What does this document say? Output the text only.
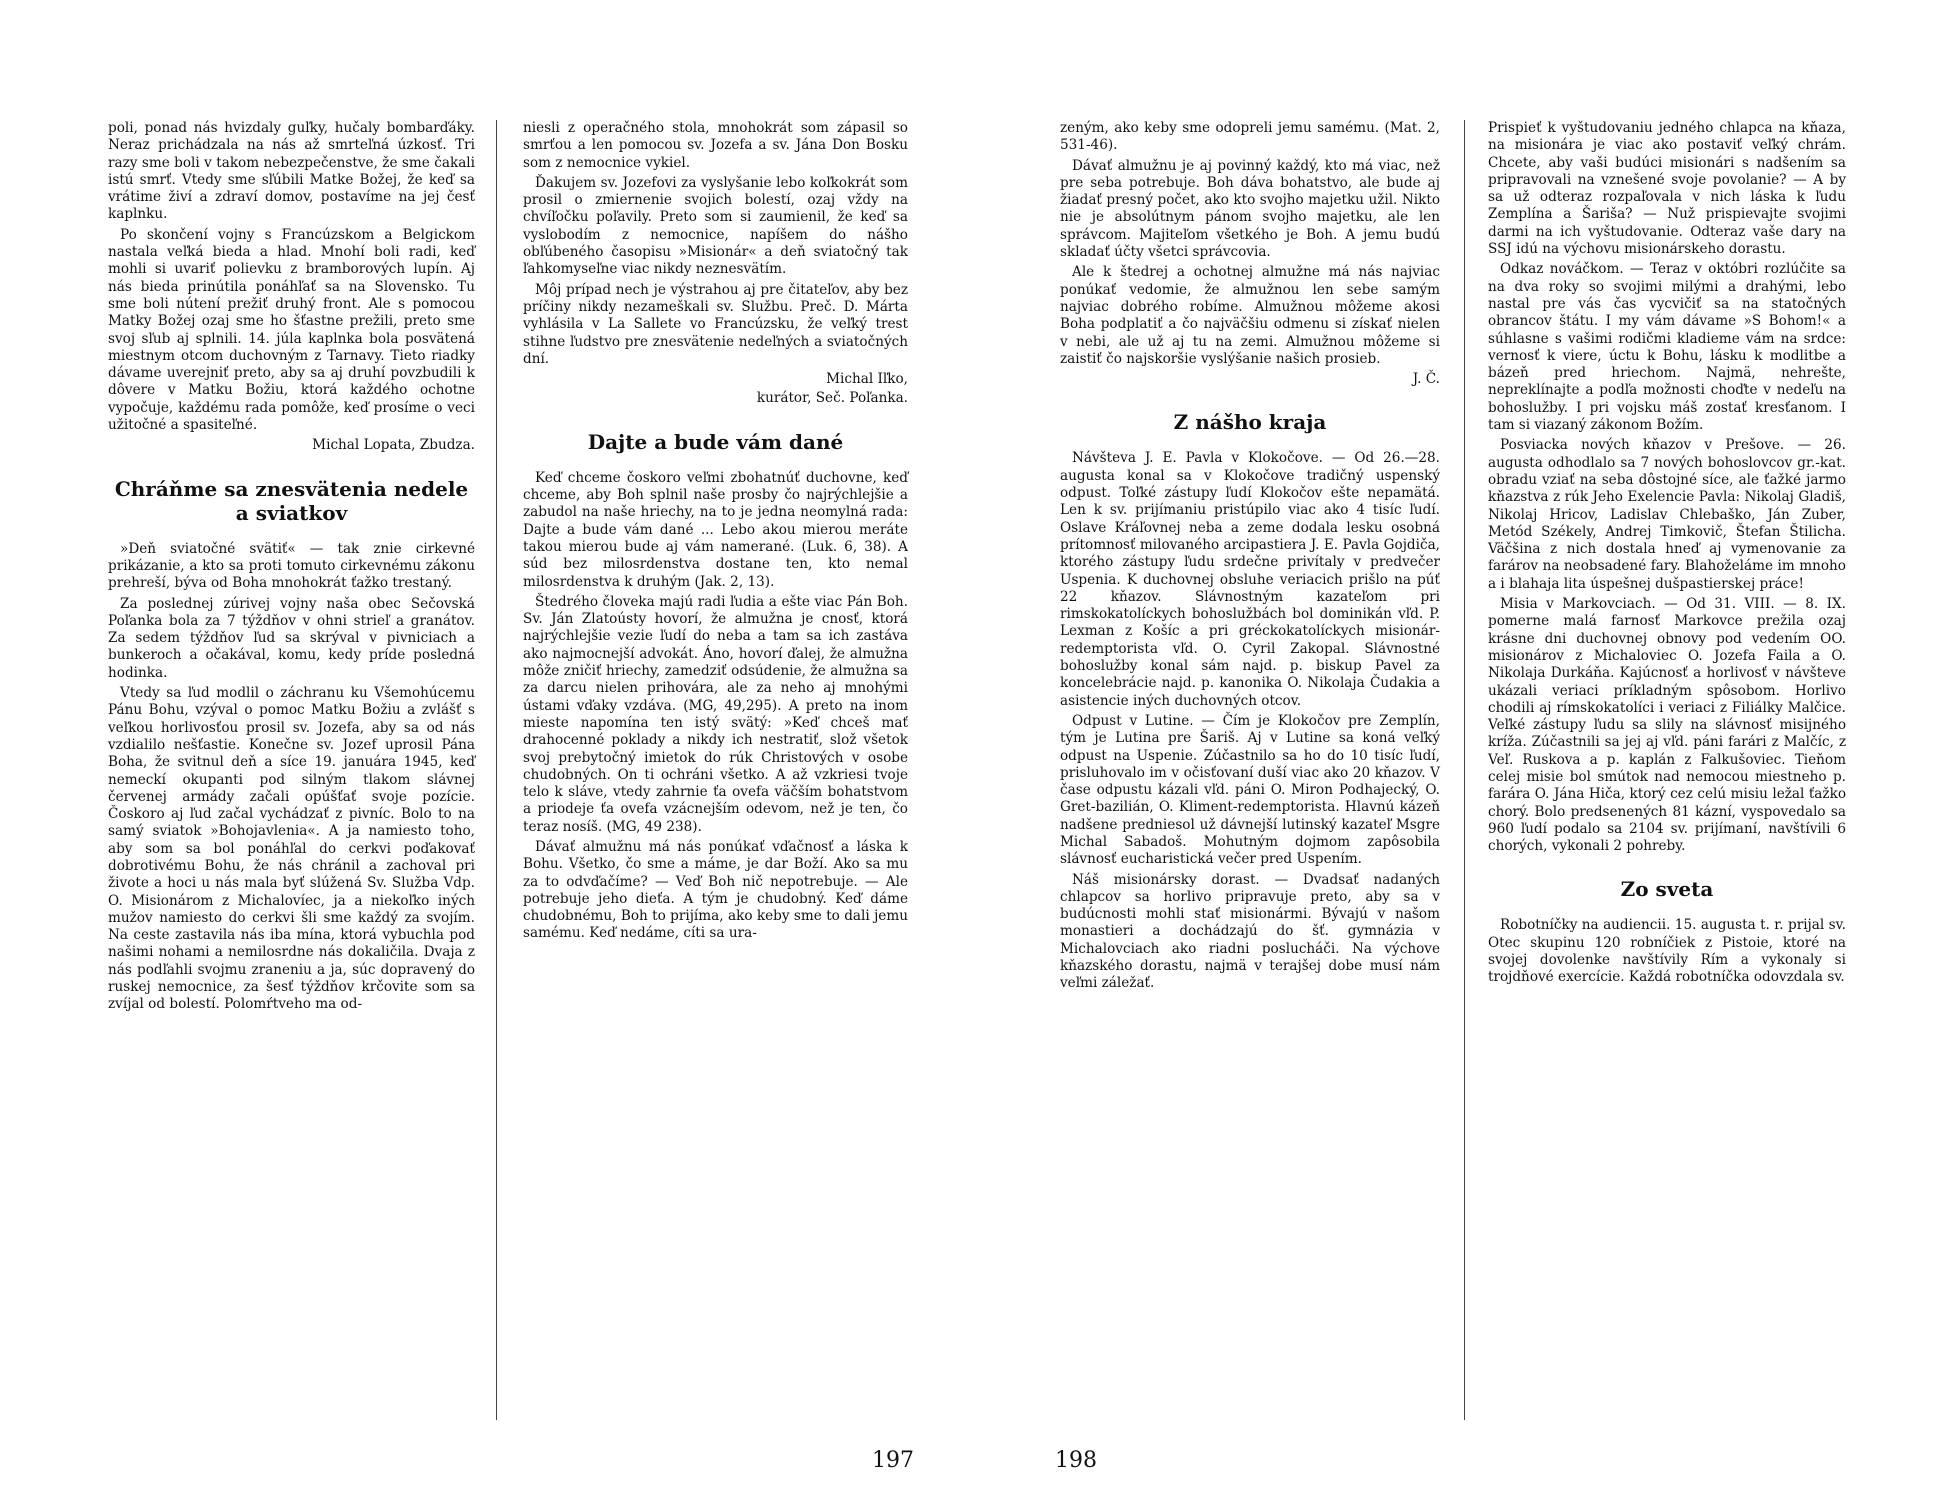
poli, ponad nás hvizdaly guľky, hučaly bombarďáky. Neraz prichádzala na nás až smrteľná úzkosť. Tri razy sme boli v takom nebezpečenstve, že sme čakali istú smrť. Vtedy sme sľúbili Matke Božej, že keď sa vrátime živí a zdraví domov, postavíme na jej česť kaplnku.

Po skončení vojny s Francúzskom a Belgickom nastala veľká bieda a hlad. Mnohí boli radi, keď mohli si uvariť polievku z bramborových lupín. Aj nás bieda prinútila ponáhľať sa na Slovensko. Tu sme boli nútení prežiť druhý front. Ale s pomocou Matky Božej ozaj sme ho šťastne prežili, preto sme svoj sľub aj splnili. 14. júla kaplnka bola posvätená miestnym otcom duchovným z Tarnavy. Tieto riadky dávame uverejniť preto, aby sa aj druhí povzbudili k dôvere v Matku Božiu, ktorá každého ochotne vypočuje, každému rada pomôže, keď prosíme o veci užitočné a spasiteľné.

Michal Lopata, Zbudza.

Chráňme sa znesvätenia nedele a sviatkov

»Deň sviatočné svätiť« — tak znie cirkevné prikázanie, a kto sa proti tomuto cirkevnému zákonu prehreší, býva od Boha mnohokrát ťažko trestaný.

Za poslednej zúrivej vojny naša obec Sečovská Poľanka bola za 7 týždňov v ohni strieľ a granátov. Za sedem týždňov ľud sa skrýval v pivniciach a bunkeroch a očakával, komu, kedy príde posledná hodinka.

Vtedy sa ľud modlil o záchranu ku Všemohúcemu Pánu Bohu, vzýval o pomoc Matku Božiu a zvlášť s veľkou horlivosťou prosil sv. Jozefa, aby sa od nás vzdialilo nešťastie. Konečne sv. Jozef uprosil Pána Boha, že svitnul deň a síce 19. januára 1945, keď nemeckí okupanti pod silným tlakom slávnej červenej armády začali opúšťať svoje pozície. Čoskoro aj ľud začal vychádzať z pivníc. Bolo to na samý sviatok »Bohojavlenia«. A ja namiesto toho, aby som sa bol ponáhľal do cerkvi poďakovať dobrotivému Bohu, že nás chránil a zachoval pri živote a hoci u nás mala byť slúžená Sv. Služba Vdp. O. Misionárom z Michalovíec, ja a niekoľko iných mužov namiesto do cerkvi šli sme každý za svojím. Na ceste zastavila nás iba mína, ktorá vybuchla pod našimi nohami a nemilosrdne nás dokaličila. Dvaja z nás podľahli svojmu zraneniu a ja, súc dopravený do ruskej nemocnice, za šesť týždňov krčovite som sa zvíjal od bolestí. Polomŕtveho ma od-

niesli z operačného stola, mnohokrát som zápasil so smrťou a len pomocou sv. Jozefa a sv. Jána Don Bosku som z nemocnice vykiel.

Ďakujem sv. Jozefovi za vyslyšanie lebo koľkokrát som prosil o zmiernenie svojich bolestí, ozaj vždy na chvíľočku poľavily. Preto som si zaumienil, že keď sa vyslobodím z nemocnice, napíšem do nášho obľúbeného časopisu »Misionár« a deň sviatočný tak ľahkomyseľne viac nikdy neznesvätím.

Môj prípad nech je výstrahou aj pre čitateľov, aby bez príčiny nikdy nezameškali sv. Službu. Preč. D. Márta vyhlásila v La Sallete vo Francúzsku, že veľký trest stihne ľudstvo pre znesvätenie nedeľných a sviatočných dní.

Michal Iľko,

kurátor, Seč. Poľanka.

Dajte a bude vám dané

Keď chceme čoskoro veľmi zbohatnúť duchovne, keď chceme, aby Boh splnil naše prosby čo najrýchlejšie a zabudol na naše hriechy, na to je jedna neomylná rada: Dajte a bude vám dané ... Lebo akou mierou meráte takou mierou bude aj vám namerané. (Luk. 6, 38). A súd bez milosrdenstva dostane ten, kto nemal milosrdenstva k druhým (Jak. 2, 13).

Štedrého človeka majú radi ľudia a ešte viac Pán Boh. Sv. Ján Zlatoústy hovorí, že almužna je cnosť, ktorá najrýchlejšie vezie ľudí do neba a tam sa ich zastáva ako najmocnejší advokát. Áno, hovorí ďalej, že almužna môže zničiť hriechy, zamedziť odsúdenie, že almužna sa za darcu nielen prihovára, ale za neho aj mnohými ústami vďaky vzdáva. (MG, 49,295). A preto na inom mieste napomína ten istý svätý: »Keď chceš mať drahocenné poklady a nikdy ich nestratiť, slož všetok svoj prebytočný imietok do rúk Christových v osobe chudobných. On ti ochráni všetko. A až vzkriesi tvoje telo k sláve, vtedy zahrnie ťa ovefa väčším bohatstvom a priodeje ťa ovefa vzácnejším odevom, než je ten, čo teraz nosíš. (MG, 49 238).

Dávať almužnu má nás ponúkať vďačnosť a láska k Bohu. Všetko, čo sme a máme, je dar Boží. Ako sa mu za to odvďačíme? — Veď Boh nič nepotrebuje. — Ale potrebuje jeho dieťa. A tým je chudobný. Keď dáme chudobnému, Boh to prijíma, ako keby sme to dali jemu samému. Keď nedáme, cíti sa ura-

197

zeným, ako keby sme odopreli jemu samému. (Mat. 2, 531-46).

Dávať almužnu je aj povinný každý, kto má viac, než pre seba potrebuje. Boh dáva bohatstvo, ale bude aj žiadať presný počet, ako kto svojho majetku užil. Nikto nie je absolútnym pánom svojho majetku, ale len správcom. Majiteľom všetkého je Boh. A jemu budú skladať účty všetci správcovia.

Ale k štedrej a ochotnej almužne má nás najviac ponúkať vedomie, že almužnou len sebe samým najviac dobrého robíme. Almužnou môžeme akosi Boha podplatiť a čo najväčšiu odmenu si získať nielen v nebi, ale už aj tu na zemi. Almužnou môžeme si zaistiť čo najskoršie vyslýšanie našich prosieb.

J. Č.

Z nášho kraja

Návšteva J. E. Pavla v Klokočove. — Od 26.—28. augusta konal sa v Klokočove tradičný uspenský odpust. Toľké zástupy ľudí Klokočov ešte nepamätá. Len k sv. prijímaniu pristúpilo viac ako 4 tisíc ľudí. Oslave Kráľovnej neba a zeme dodala lesku osobná prítomnosť milovaného arcipastiera J. E. Pavla Gojdiča, ktorého zástupy ľudu srdečne privítaly v predvečer Uspenia. K duchovnej obsluhe veriacich prišlo na púť 22 kňazov. Slávnostným kazateľom pri rimskokatolíckych bohoslužbách bol dominikán vľd. P. Lexman z Košíc a pri gréckokatolíckych misionár-redemptorista vľd. O. Cyril Zakopal. Slávnostné bohoslužby konal sám najd. p. biskup Pavel za koncelebrácie najd. p. kanonika O. Nikolaja Čudakia a asistencie iných duchovných otcov.

Odpust v Lutine. — Čím je Klokočov pre Zemplín, tým je Lutina pre Šariš. Aj v Lutine sa koná veľký odpust na Uspenie. Zúčastnilo sa ho do 10 tisíc ľudí, prisluhovalo im v očisťovaní duší viac ako 20 kňazov. V čase odpustu kázali vľd. páni O. Miron Podhajecký, O. Gret-bazilián, O. Kliment-redemptorista. Hlavnú kázeň nadšene predniesol už dávnejší lutinský kazateľ Msgre Michal Sabadoš. Mohutným dojmom zapôsobila slávnosť eucharistická večer pred Uspením.

Náš misionársky dorast. — Dvadsať nadaných chlapcov sa horlivo pripravuje preto, aby sa v budúcnosti mohli stať misionármi. Bývajú v našom monastieri a dochádzajú do šť. gymnázia v Michalovciach ako riadni poslucháči. Na výchove kňazského dorastu, najmä v terajšej dobe musí nám veľmi záležať.

Prispieť k vyštudovaniu jedného chlapca na kňaza, na misionára je viac ako postaviť veľký chrám. Chcete, aby vaši budúci misionári s nadšením sa pripravovali na vznešené svoje povolanie? — A by sa už odteraz rozpaľovala v nich láska k ľudu Zemplína a Šariša? — Nuž prispievajte svojimi darmi na ich vyštudovanie. Odteraz vaše dary na SSJ idú na výchovu misionárskeho dorastu.

Odkaz nováčkom. — Teraz v októbri rozlúčite sa na dva roky so svojimi milými a drahými, lebo nastal pre vás čas vycvičiť sa na statočných obrancov štátu. I my vám dávame »S Bohom!« a súhlasne s vašimi rodičmi kladieme vám na srdce: vernosť k viere, úctu k Bohu, lásku k modlitbe a bázeň pred hriechom. Najmä, nehrešte, nepreklínajte a podľa možnosti choďte v nedeľu na bohoslužby. I pri vojsku máš zostať kresťanom. I tam si viazaný zákonom Božím.

Posviacka nových kňazov v Prešove. — 26. augusta odhodlalo sa 7 nových bohoslovcov gr.-kat. obradu vziať na seba dôstojné síce, ale ťažké jarmo kňazstva z rúk Jeho Exelencie Pavla: Nikolaj Gladiš, Nikolaj Hricov, Ladislav Chlebaško, Ján Zuber, Metód Székely, Andrej Timkovič, Štefan Štilicha. Väčšina z nich dostala hneď aj vymenovanie za farárov na neobsadené fary. Blahoželáme im mnoho a i blahaja lita úspešnej dušpastierskej práce!

Misia v Markovciach. — Od 31. VIII. — 8. IX. pomerne malá farnosť Markovce prežila ozaj krásne dni duchovnej obnovy pod vedením OO. misionárov z Michaloviec O. Jozefa Faila a O. Nikolaja Durkáňa. Kajúcnosť a horlivosť v návšteve ukázali veriaci príkladným spôsobom. Horlivo chodili aj rímskokatolíci i veriaci z Filiálky Malčice. Veľké zástupy ľudu sa slily na slávnosť misijného kríža. Zúčastnili sa jej aj vľd. páni farári z Malčíc, z Veľ. Ruskova a p. kaplán z Falkušoviec. Tieňom celej misie bol smútok nad nemocou miestneho p. farára O. Jána Hiča, ktorý cez celú misiu ležal ťažko chorý. Bolo predsenených 81 kázní, vyspovedalo sa 960 ľudí podalo sa 2104 sv. prijímaní, navštívili 6 chorých, vykonali 2 pohreby.

Zo sveta

Robotníčky na audiencii. 15. augusta t. r. prijal sv. Otec skupinu 120 robníčiek z Pistoie, ktoré na svojej dovolenke navštívily Rím a vykonaly si trojdňové exercície. Každá robotníčka odovzdala sv.

198
